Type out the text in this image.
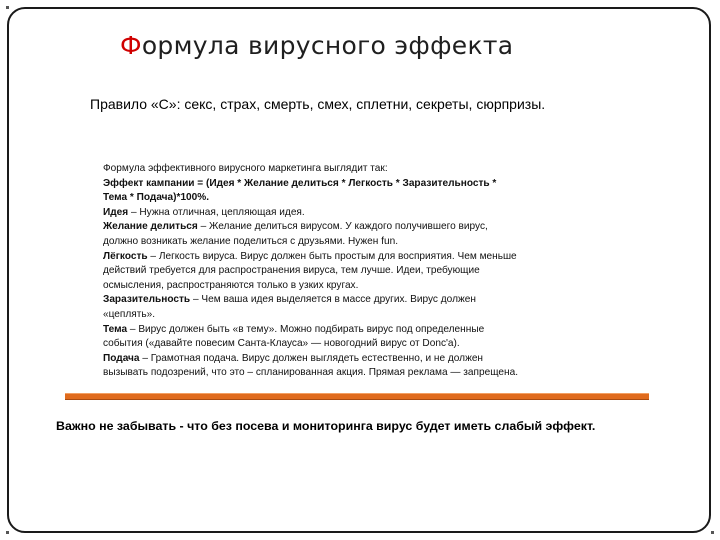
Формула вирусного эффекта
Правило «С»: секс, страх, смерть, смех, сплетни, секреты, сюрпризы.
Формула эффективного вирусного маркетинга выглядит так:
Эффект кампании = (Идея * Желание делиться * Легкость * Заразительность *
Тема * Подача)*100%.
Идея – Нужна отличная, цепляющая идея.
Желание делиться – Желание делиться вирусом. У каждого получившего вирус,
должно возникать желание поделиться с друзьями. Нужен fun.
Лёгкость – Легкость вируса. Вирус должен быть простым для восприятия. Чем меньше
действий требуется для распространения вируса, тем лучше. Идеи, требующие
осмысления, распространяются только в узких кругах.
Заразительность – Чем ваша идея выделяется в массе других. Вирус должен
«цеплять».
Тема – Вирус должен быть «в тему». Можно подбирать вирус под определенные
события («давайте повесим Санта-Клауса» — новогодний вирус от Donc'a).
Подача – Грамотная подача. Вирус должен выглядеть естественно, и не должен
вызывать подозрений, что это – спланированная акция. Прямая реклама — запрещена.
Важно не забывать - что без посева и мониторинга вирус будет иметь слабый эффект.
